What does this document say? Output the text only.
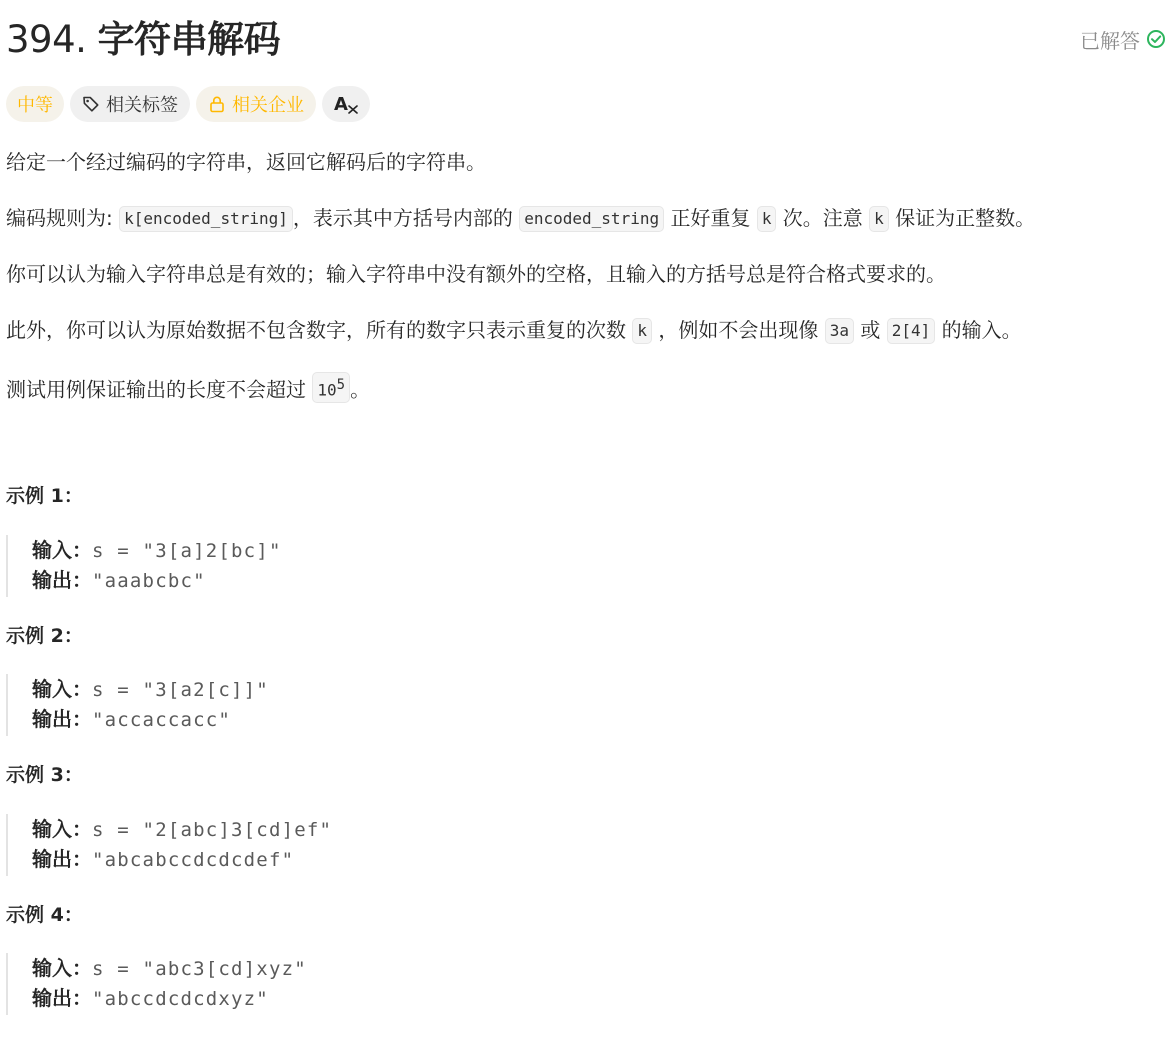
394. 字符串解码	已解答
中等	相关标签	相关企业 A
给定一个经过编码的字符串，返回它解码后的字符串。
编码规则为: k[encoded_string] ，表示其中方括号内部的 encoded_string 正好重复 k 次。注意 k 保证为正整数。
你可以认为输入字符串总是有效的；输入字符串中没有额外的空格，且输入的方括号总是符合格式要求的。
此外，你可以认为原始数据不包含数字，所有的数字只表示重复的次数 k ，例如不会出现像 3a 或 2[4] 的输入。
测试用例保证输出的长度不会超过 $10^5$ 。
示例 1：
输入：s = "3[a]2[bc]"
输出："aaabcbc"
示例 2：
输入：s = "3[a2[c]]"
输出："accaccacc"
示例 3：
输入：s = "2[abc]3[cd]ef"
输出："abcabccdcdcdef"
示例 4：
输入：s = "abc3[cd]xyz"
输出："abccdcdcdxyz"
